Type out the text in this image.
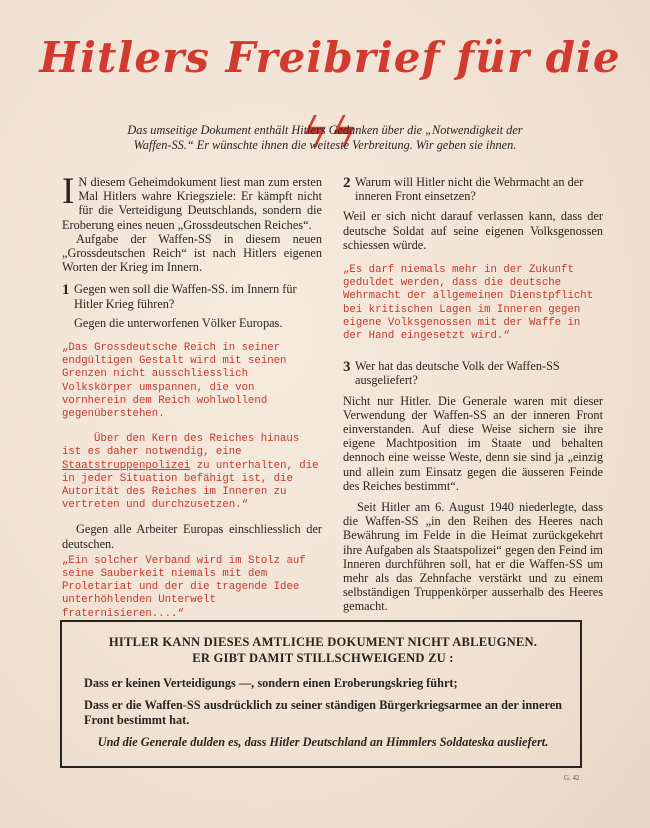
Hitlers Freibrief für die ϟϟ

Das umseitige Dokument enthält Hitlers Gedanken über die „Notwendigkeit der Waffen-SS.“ Er wünschte ihnen die weiteste Verbreitung. Wir geben sie ihnen.

I N diesem Geheimdokument liest man zum ersten Mal Hitlers wahre Kriegsziele: Er kämpft nicht für die Verteidigung Deutschlands, sondern die Eroberung eines neuen „Grossdeutschen Reiches“.

Aufgabe der Waffen-SS in diesem neuen „Grossdeutschen Reich“ ist nach Hitlers eigenen Worten der Krieg im Innern.

1 Gegen wen soll die Waffen-SS. im Innern für Hitler Krieg führen?

Gegen die unterworfenen Völker Europas.

„Das Grossdeutsche Reich in seiner endgültigen Gestalt wird mit seinen Grenzen nicht ausschliesslich Volkskörper umspannen, die von vornherein dem Reich wohlwollend gegenüberstehen.

Über den Kern des Reiches hinaus ist es daher notwendig, eine Staatstruppenpolizei zu unterhalten, die in jeder Situation befähigt ist, die Autorität des Reiches im Inneren zu vertreten und durchzusetzen.“

Gegen alle Arbeiter Europas einschliesslich der deutschen.

„Ein solcher Verband wird im Stolz auf seine Sauberkeit niemals mit dem Proletariat und der die tragende Idee unterhöhlenden Unterwelt fraternisieren....“

2 Warum will Hitler nicht die Wehrmacht an der inneren Front einsetzen?

Weil er sich nicht darauf verlassen kann, dass der deutsche Soldat auf seine eigenen Volksgenossen schiessen würde.

„Es darf niemals mehr in der Zukunft geduldet werden, dass die deutsche Wehrmacht der allgemeinen Dienstpflicht bei kritischen Lagen im Inneren gegen eigene Volksgenossen mit der Waffe in der Hand eingesetzt wird.“

3 Wer hat das deutsche Volk der Waffen-SS ausgeliefert?

Nicht nur Hitler. Die Generale waren mit dieser Verwendung der Waffen-SS an der inneren Front einverstanden. Auf diese Weise sichern sie ihre eigene Machtposition im Staate und behalten dennoch eine weisse Weste, denn sie sind ja „einzig und allein zum Einsatz gegen die äusseren Feinde des Reiches bestimmt“.

Seit Hitler am 6. August 1940 niederlegte, dass die Waffen-SS „in den Reihen des Heeres nach Bewährung im Felde in die Heimat zurückgekehrt ihre Aufgaben als Staatspolizei“ gegen den Feind im Inneren durchführen soll, hat er die Waffen-SS um mehr als das Zehnfache verstärkt und zu einem selbständigen Truppenkörper ausserhalb des Heeres gemacht.

HITLER KANN DIESES AMTLICHE DOKUMENT NICHT ABLEUGNEN.
ER GIBT DAMIT STILLSCHWEIGEND ZU :

Dass er keinen Verteidigungs —, sondern einen Eroberungskrieg führt;

Dass er die Waffen-SS ausdrücklich zu seiner ständigen Bürgerkriegsarmee an der inneren Front bestimmt hat.

Und die Generale dulden es, dass Hitler Deutschland an Himmlers Soldateska ausliefert.

G. 42
